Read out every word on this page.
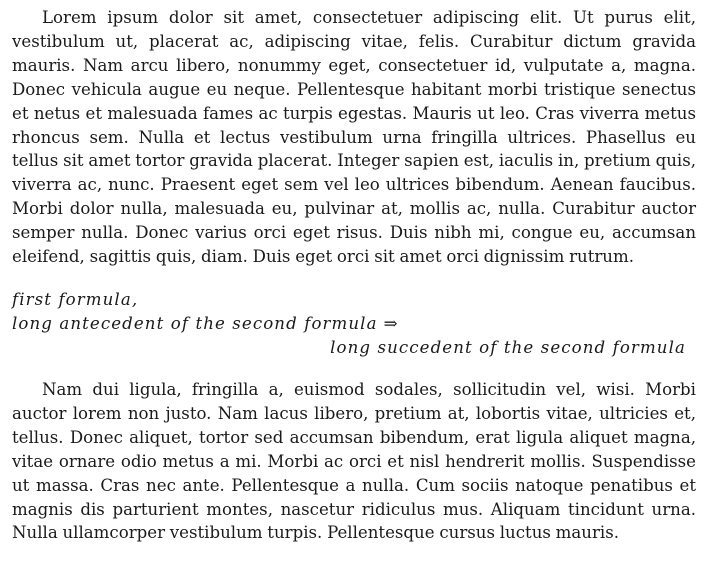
Lorem ipsum dolor sit amet, consectetuer adipiscing elit. Ut purus elit, vestibulum ut, placerat ac, adipiscing vitae, felis. Curabitur dictum gravida mauris. Nam arcu libero, nonummy eget, consectetuer id, vulputate a, magna. Donec vehicula augue eu neque. Pellentesque habitant morbi tristique senectus et netus et malesuada fames ac turpis egestas. Mauris ut leo. Cras viverra metus rhoncus sem. Nulla et lectus vestibulum urna fringilla ultrices. Phasellus eu tellus sit amet tortor gravida placerat. Integer sapien est, iaculis in, pretium quis, viverra ac, nunc. Praesent eget sem vel leo ultrices bibendum. Aenean faucibus. Morbi dolor nulla, malesuada eu, pulvinar at, mollis ac, nulla. Curabitur auctor semper nulla. Donec varius orci eget risus. Duis nibh mi, congue eu, accumsan eleifend, sagittis quis, diam. Duis eget orci sit amet orci dignissim rutrum.

first formula,
long antecedent of the second formula ⇒
long succedent of the second formula

Nam dui ligula, fringilla a, euismod sodales, sollicitudin vel, wisi. Morbi auctor lorem non justo. Nam lacus libero, pretium at, lobortis vitae, ultricies et, tellus. Donec aliquet, tortor sed accumsan bibendum, erat ligula aliquet magna, vitae ornare odio metus a mi. Morbi ac orci et nisl hendrerit mollis. Suspendisse ut massa. Cras nec ante. Pellentesque a nulla. Cum sociis natoque penatibus et magnis dis parturient montes, nascetur ridiculus mus. Aliquam tincidunt urna. Nulla ullamcorper vestibulum turpis. Pellentesque cursus luctus mauris.
